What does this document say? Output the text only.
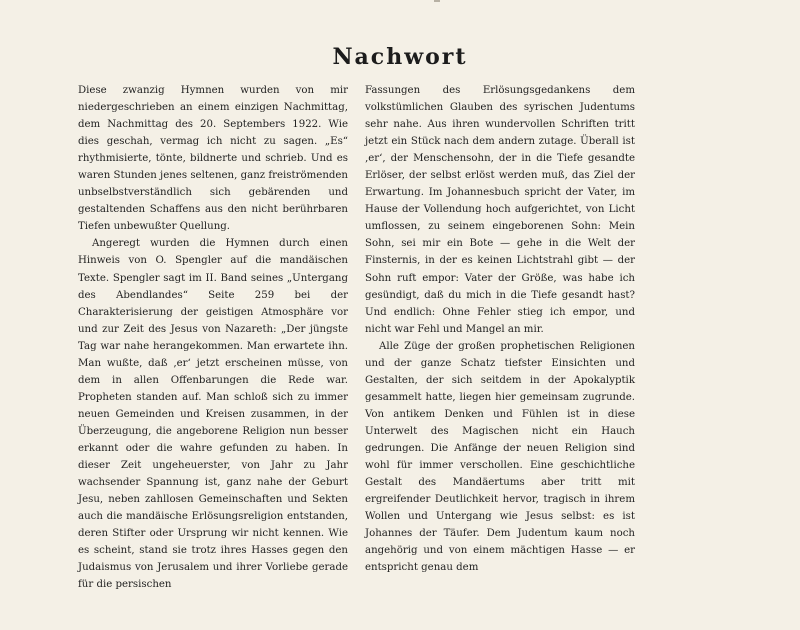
Nachwort

Diese zwanzig Hymnen wurden von mir niedergeschrieben an einem einzigen Nachmittag, dem Nachmittag des 20. Septembers 1922. Wie dies geschah, vermag ich nicht zu sagen. „Es“ rhythmisierte, tönte, bildnerte und schrieb. Und es waren Stunden jenes seltenen, ganz freiströmenden unbselbstverständlich sich gebärenden und gestaltenden Schaffens aus den nicht berührbaren Tiefen unbewußter Quellung.

Angeregt wurden die Hymnen durch einen Hinweis von O. Spengler auf die mandäischen Texte. Spengler sagt im II. Band seines „Untergang des Abendlandes“ Seite 259 bei der Charakterisierung der geistigen Atmosphäre vor und zur Zeit des Jesus von Nazareth: „Der jüngste Tag war nahe herangekommen. Man erwartete ihn. Man wußte, daß ‚er‘ jetzt erscheinen müsse, von dem in allen Offenbarungen die Rede war. Propheten standen auf. Man schloß sich zu immer neuen Gemeinden und Kreisen zusammen, in der Überzeugung, die angeborene Religion nun besser erkannt oder die wahre gefunden zu haben. In dieser Zeit ungeheuerster, von Jahr zu Jahr wachsender Spannung ist, ganz nahe der Geburt Jesu, neben zahllosen Gemeinschaften und Sekten auch die mandäische Erlösungsreligion entstanden, deren Stifter oder Ursprung wir nicht kennen. Wie es scheint, stand sie trotz ihres Hasses gegen den Judaismus von Jerusalem und ihrer Vorliebe gerade für die persischen

Fassungen des Erlösungsgedankens dem volkstümlichen Glauben des syrischen Judentums sehr nahe. Aus ihren wundervollen Schriften tritt jetzt ein Stück nach dem andern zutage. Überall ist ‚er‘, der Menschensohn, der in die Tiefe gesandte Erlöser, der selbst erlöst werden muß, das Ziel der Erwartung. Im Johannesbuch spricht der Vater, im Hause der Vollendung hoch aufgerichtet, von Licht umflossen, zu seinem eingeborenen Sohn: Mein Sohn, sei mir ein Bote — gehe in die Welt der Finsternis, in der es keinen Lichtstrahl gibt — der Sohn ruft empor: Vater der Größe, was habe ich gesündigt, daß du mich in die Tiefe gesandt hast? Und endlich: Ohne Fehler stieg ich empor, und nicht war Fehl und Mangel an mir.

Alle Züge der großen prophetischen Religionen und der ganze Schatz tiefster Einsichten und Gestalten, der sich seitdem in der Apokalyptik gesammelt hatte, liegen hier gemeinsam zugrunde. Von antikem Denken und Fühlen ist in diese Unterwelt des Magischen nicht ein Hauch gedrungen. Die Anfänge der neuen Religion sind wohl für immer verschollen. Eine geschichtliche Gestalt des Mandäertums aber tritt mit ergreifender Deutlichkeit hervor, tragisch in ihrem Wollen und Untergang wie Jesus selbst: es ist Johannes der Täufer. Dem Judentum kaum noch angehörig und von einem mächtigen Hasse — er entspricht genau dem
